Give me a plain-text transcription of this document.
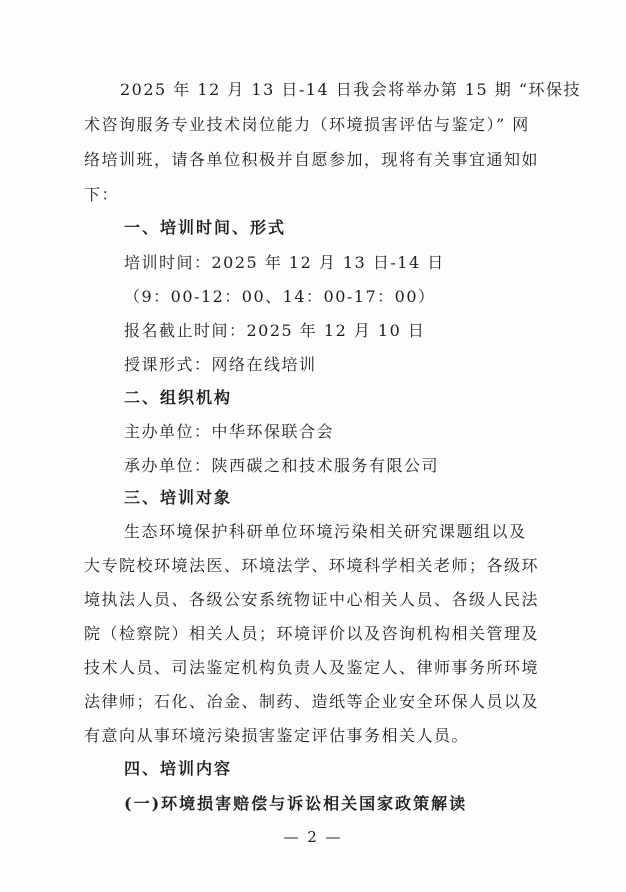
2025 年 12 月 13 日-14 日我会将举办第 15 期 “环保技

术咨询服务专业技术岗位能力（环境损害评估与鉴定）” 网

络培训班，请各单位积极并自愿参加，现将有关事宜通知如

下：

一、培训时间、形式

培训时间：2025 年 12 月 13 日-14 日

（9：00-12：00、14：00-17：00）

报名截止时间：2025 年 12 月 10 日

授课形式：网络在线培训

二、组织机构

主办单位：中华环保联合会

承办单位：陕西碳之和技术服务有限公司

三、培训对象

生态环境保护科研单位环境污染相关研究课题组以及

大专院校环境法医、环境法学、环境科学相关老师；各级环

境执法人员、各级公安系统物证中心相关人员、各级人民法

院（检察院）相关人员；环境评价以及咨询机构相关管理及

技术人员、司法鉴定机构负责人及鉴定人、律师事务所环境

法律师；石化、冶金、制药、造纸等企业安全环保人员以及

有意向从事环境污染损害鉴定评估事务相关人员。

四、培训内容

(一)环境损害赔偿与诉讼相关国家政策解读

— 2 —
